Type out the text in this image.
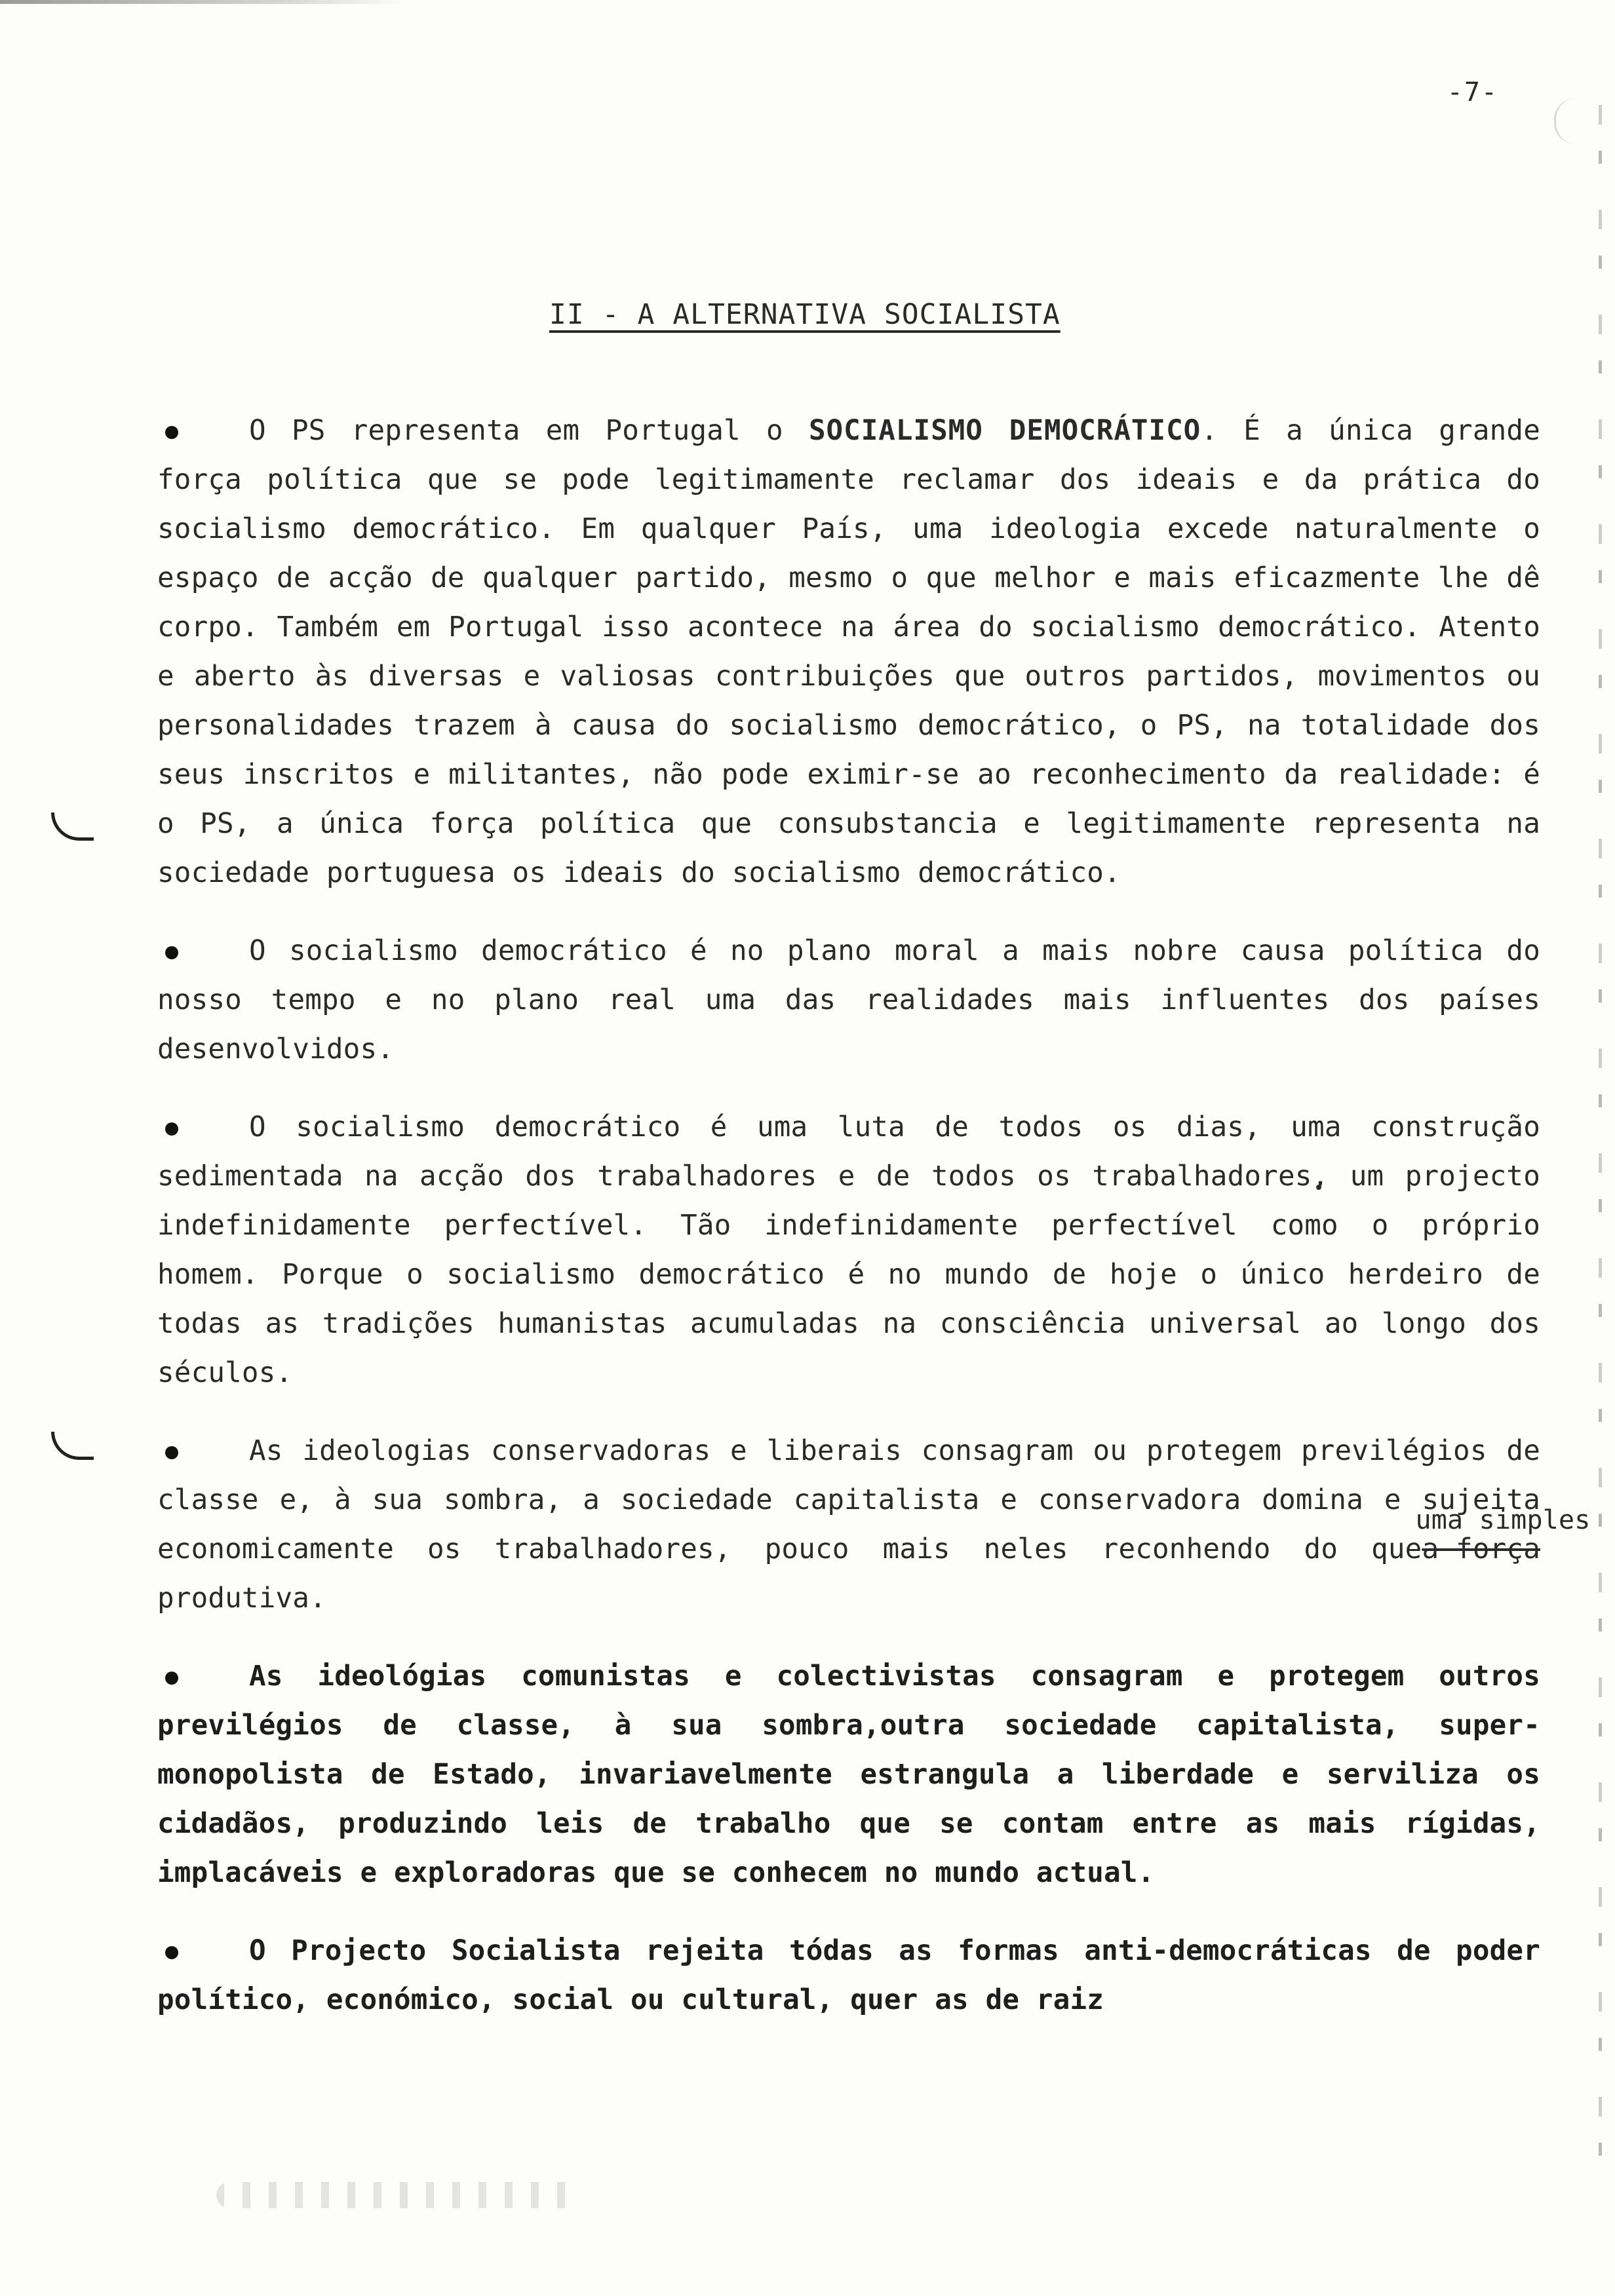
-7-
II - A ALTERNATIVA SOCIALISTA

O PS representa em Portugal o SOCIALISMO DEMOCRÁTICO. É a única grande força política que se pode legitimamente reclamar dos ideais e da prática do socialismo democrático. Em qualquer País, uma ideologia excede naturalmente o espaço de acção de qualquer partido, mesmo o que melhor e mais eficazmente lhe dê corpo. Também em Portugal isso acontece na área do socialismo democrático. Atento e aberto às diversas e valiosas contribuições que outros partidos, movimentos ou personalidades trazem à causa do socialismo democrático, o PS, na totalidade dos seus inscritos e militantes, não pode eximir-se ao reconhecimento da realidade: é o PS, a única força política que consubstancia e legitimamente representa na sociedade portuguesa os ideais do socialismo democrático.

O socialismo democrático é no plano moral a mais nobre causa política do nosso tempo e no plano real uma das realidades mais influentes dos países desenvolvidos.

O socialismo democrático é uma luta de todos os dias, uma construção sedimentada na acção dos trabalhadores e de todos os trabalhadores, um projecto indefinidamente perfectível. Tão indefinidamente perfectível como o próprio homem. Porque o socialismo democrático é no mundo de hoje o único herdeiro de todas as tradições humanistas acumuladas na consciência universal ao longo dos séculos.

As ideologias conservadoras e liberais consagram ou protegem previlégios de classe e, à sua sombra, a sociedade capitalista e conservadora domina e sujeita economicamente os trabalhadores, pouco mais neles reconhendo do que
uma simples
a força produtiva.

As ideológias comunistas e colectivistas consagram e protegem outros previlégios de classe, à sua sombra,outra sociedade capitalista, super-monopolista de Estado, invariavelmente estrangula a liberdade e serviliza os cidadãos, produzindo leis de trabalho que se contam entre as mais rígidas, implacáveis e exploradoras que se conhecem no mundo actual.

O Projecto Socialista rejeita tódas as formas anti-democráticas de poder político, económico, social ou cultural, quer as de raiz
